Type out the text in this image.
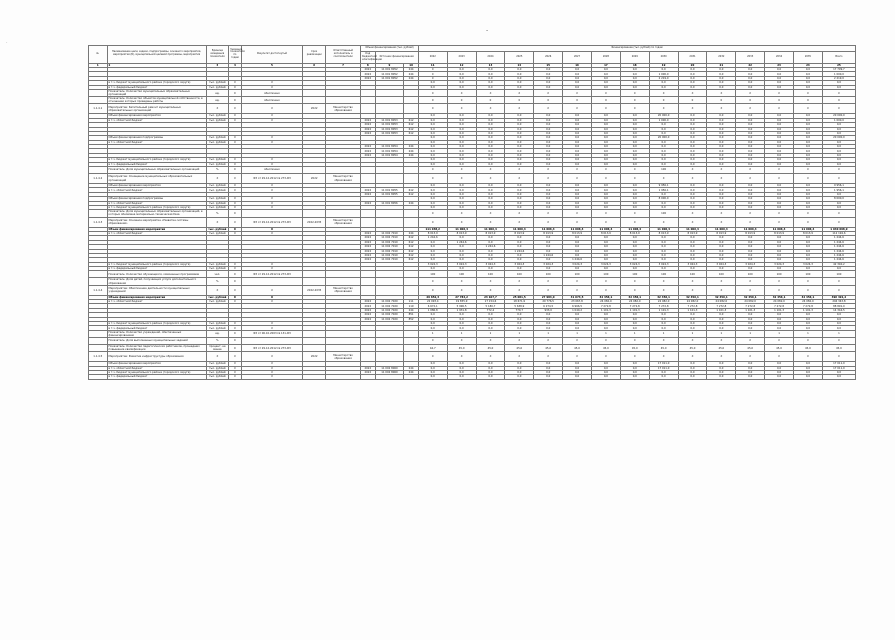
-
·
№	Наименование цели, задачи, подпрограммы, основного мероприятия, мероприятия (Б), муниципальной целевой программы, мероприятия	Единица измерения показателя	Значение показателя по годам	Результат достигнутый	Срок реализации	Ответственный исполнитель и соисполнители	Объем финансирования (тыс. рублей)			Финансирование (тыс. рублей) по годам														
							Код бюджетной классификации	Источник финансирования		2022	2023	2024	2025	2026	2027	2028	2029	2030	2031	2032	2033	2034	2035	Всего
1	2	3	4	5	6	7	8	9	10	11	12	13	14	15	16	17	18	19	20	21	22	23	24	25
							2022	11 001 8052	244	Х	0,0	0,0	0,0	0,0	0,0	0,0	0,0	0,0	0,0	0,0	0,0	0,0	0,0	17 799,7
							2022	11 001 8052	244	Х	0,0	0,0	0,0	0,0	0,0	0,0	0,0	1 000,0	0,0	0,0	0,0	0,0	0,0	1 000,0
							2022	11 001 8052	244	Х	0,0	0,0	0,0	0,0	0,0	0,0	0,0	2 219,0	0,0	0,0	0,0	0,0	0,0	2 219,0
	в т.ч. бюджет муниципального района (городского округа)	тыс. рублей	Х	Х						0,0	0,0	0,0	0,0	0,0	0,0	0,0	0,0	0,0	0,0	0,0	0,0	0,0	0,0	0,0
	в т.ч. федеральный бюджет	тыс. рублей	Х	Х						0,0	0,0	0,0	0,0	0,0	0,0	0,0	0,0	0,0	0,0	0,0	0,0	0,0	0,0	0,0
	Показатель: Количество муниципальных образовательных организаций	ед.	0	обеспечено						Х	Х	Х	Х	Х	Х	Х	Х	Х	Х	Х	Х	Х	Х	Х
	Показатель: Количество объектов муниципальной собственности, в отношении которых проведены работы	ед.	0	обеспечено						0	0	0	0	0	0	0	0	0	0	0	0	0	0	0
1.1.4.1	Мероприятие: Капитальный ремонт муниципальных образовательных организаций	Х	Х	Х	2022	Министерство образования				Х	Х	Х	Х	Х	Х	Х	Х	Х	Х	Х	Х	Х	Х	Х
	Объем финансирования мероприятия	тыс. рублей	Х	Х						0,0	0,0	0,0	0,0	0,0	0,0	0,0	0,0	20 000,0	0,0	0,0	0,0	0,0	0,0	20 000,0
	в т.ч. областной бюджет	тыс. рублей	Х	Х			2022	11 001 8053	612	0,0	0,0	0,0	0,0	0,0	0,0	0,0	0,0	1 000,0	0,0	0,0	0,0	0,0	0,0	1 000,0
							2022	11 001 8053	612	0,0	0,0	0,0	0,0	0,0	0,0	0,0	0,0	0,0	0,0	0,0	0,0	0,0	0,0	0,0
							2022	11 001 8053	612	0,0	0,0	0,0	0,0	0,0	0,0	0,0	0,0	0,0	0,0	0,0	0,0	0,0	0,0	0,0
							2022	11 001 8053	612	0,0	0,0	0,0	0,0	0,0	0,0	0,0	0,0	0,0	0,0	0,0	0,0	0,0	0,0	0,0
	Объем финансирования подпрограммы	тыс. рублей	Х	Х						0,0	0,0	0,0	0,0	0,0	0,0	0,0	0,0	20 000,0	0,0	0,0	0,0	0,0	0,0	20 000,0
	в т.ч. областной бюджет	тыс. рублей	Х	Х						0,0	0,0	0,0	0,0	0,0	0,0	0,0	0,0	0,0	0,0	0,0	0,0	0,0	0,0	0,0
							2022	11 001 8054	244	0,0	0,0	0,0	0,0	0,0	0,0	0,0	0,0	0,0	0,0	0,0	0,0	0,0	0,0	0,0
							2022	11 001 8054	244	0,0	0,0	0,0	0,0	0,0	0,0	0,0	0,0	0,0	0,0	0,0	0,0	0,0	0,0	0,0
							2022	11 001 8054	244	0,0	0,0	0,0	0,0	0,0	0,0	0,0	0,0	0,0	0,0	0,0	0,0	0,0	0,0	0,0
	в т.ч. бюджет муниципального района (городского округа)	тыс. рублей	Х	Х						0,0	0,0	0,0	0,0	0,0	0,0	0,0	0,0	0,0	0,0	0,0	0,0	0,0	0,0	0,0
	в т.ч. федеральный бюджет	тыс. рублей	Х	Х						0,0	0,0	0,0	0,0	0,0	0,0	0,0	0,0	0,0	0,0	0,0	0,0	0,0	0,0	0,0
	Показатель: Доля муниципальных образовательных организаций	%	0	обеспечено						Х	Х	Х	Х	Х	Х	Х	Х	100	Х	Х	Х	Х	Х	Х
1.1.4.2	Мероприятие: Оснащение муниципальных образовательных организаций	Х	Х	ФЗ от 29.12.2012 № 273-ФЗ	2022	Министерство образования				Х	Х	Х	Х	Х	Х	Х	Х	Х	Х	Х	Х	Х	Х	Х
	Объем финансирования мероприятия	тыс. рублей	Х	Х						0,0	0,0	0,0	0,0	0,0	0,0	0,0	0,0	9 956,1	0,0	0,0	0,0	0,0	0,0	9 956,1
	в т.ч. областной бюджет	тыс. рублей	Х	Х			2022	11 001 8055	612	0,0	0,0	0,0	0,0	0,0	0,0	0,0	0,0	1 956,1	0,0	0,0	0,0	0,0	0,0	1 956,1
							2022	11 001 8055	612	0,0	0,0	0,0	0,0	0,0	0,0	0,0	0,0	0,0	0,0	0,0	0,0	0,0	0,0	0,0
	Объем финансирования подпрограммы	тыс. рублей	Х	Х						0,0	0,0	0,0	0,0	0,0	0,0	0,0	0,0	8 000,0	0,0	0,0	0,0	0,0	0,0	8 000,0
	в т.ч. областной бюджет	тыс. рублей	Х	Х			2022	11 001 8056	244	0,0	0,0	0,0	0,0	0,0	0,0	0,0	0,0	0,0	0,0	0,0	0,0	0,0	0,0	0,0
	в т.ч. бюджет муниципального района (городского округа)	тыс. рублей	Х	Х						0,0	0,0	0,0	0,0	0,0	0,0	0,0	0,0	0,0	0,0	0,0	0,0	0,0	0,0	0,0
	Показатель: Доля муниципальных образовательных организаций, в которых обновлена материально-техническая база	%	0							Х	Х	Х	Х	Х	Х	Х	Х	100	Х	Х	Х	Х	Х	Х
1.1.4.3	Мероприятие: Основное мероприятие «Развитие системы образования»	Х	Х	ФЗ от 29.12.2012 № 273-ФЗ	2022-2035	Министерство образования				Х	Х	Х	Х	Х	Х	Х	Х	Х	Х	Х	Х	Х	Х	Х
	Объем финансирования мероприятия	тыс. рублей	Х	Х						111 038,2	11 006,4	11 006,4	11 006,4	11 006,4	11 006,4	11 006,4	11 006,4	11 006,4	11 006,4	11 006,4	11 006,4	11 006,4	11 006,4	1 040 098,9
	в т.ч. областной бюджет	тыс. рублей	Х	Х			2022	11 002 7010	244	8 013,9	8 013,9	8 013,9	8 013,9	8 013,9	8 013,9	8 013,9	8 013,9	8 013,9	8 013,9	8 013,9	8 013,9	8 013,9	8 013,9	112 194,6
							2022	11 002 7010	612	1 244,6	0,0	0,0	0,0	0,0	0,0	0,0	0,0	0,0	0,0	0,0	0,0	0,0	0,0	1 244,6
							2022	11 002 7010	612	0,0	1 244,6	0,0	0,0	0,0	0,0	0,0	0,0	0,0	0,0	0,0	0,0	0,0	0,0	1 244,6
							2022	11 002 7010	612	0,0	0,0	1 244,6	0,0	0,0	0,0	0,0	0,0	0,0	0,0	0,0	0,0	0,0	0,0	1 244,6
							2022	11 002 7010	612	0,0	0,0	0,0	1 244,6	0,0	0,0	0,0	0,0	0,0	0,0	0,0	0,0	0,0	0,0	1 244,6
							2022	11 002 7010	612	0,0	0,0	0,0	0,0	1 244,6	0,0	0,0	0,0	0,0	0,0	0,0	0,0	0,0	0,0	1 244,6
							2022	11 002 7010	612	0,0	0,0	0,0	0,0	0,0	1 244,6	0,0	0,0	0,0	0,0	0,0	0,0	0,0	0,0	1 244,6
	в т.ч. бюджет муниципального района (городского округа)	тыс. рублей	Х	Х						3 024,3	3 024,3	3 024,3	3 024,3	3 024,3	3 024,3	3 024,3	3 024,3	3 024,3	3 024,3	3 024,3	3 024,3	3 024,3	3 024,3	42 340,2
	в т.ч. федеральный бюджет	тыс. рублей	Х	Х						0,0	0,0	0,0	0,0	0,0	0,0	0,0	0,0	0,0	0,0	0,0	0,0	0,0	0,0	0,0
	Показатель: Количество обучающихся, охваченных программами	чел.	0	ФЗ от 29.12.2012 № 273-ФЗ						100	100	100	100	100	100	100	100	100	100	100	100	100	100	100
	Показатель: Доля детей, получающих услуги дополнительного образования	%	0							Х	Х	Х	Х	Х	Х	Х	Х	Х	Х	Х	Х	Х	Х	Х
1.1.4.4	Мероприятие: Обеспечение деятельности муниципальных учреждений	Х	Х	Х	2022-2035	Министерство образования				Х	Х	Х	Х	Х	Х	Х	Х	Х	Х	Х	Х	Х	Х	Х
	Объем финансирования мероприятия	тыс. рублей	Х	Х						29 852,3	27 784,2	23 107,7	25 081,5	27 984,0	31 074,5	32 456,1	32 456,1	32 456,1	32 456,1	32 456,1	32 456,1	32 456,1	32 456,1	396 491,2
	в т.ч. областной бюджет	тыс. рублей	Х	Х			2022	11 002 7020	111	22 093,4	19 855,9	17 154,6	18 671,9	20 776,5	23 067,8	24 082,0	24 082,0	24 082,0	24 082,0	24 082,0	24 082,0	24 082,0	24 082,0	294 343,8
							2022	11 002 7020	119	6 672,1	5 996,5	5 180,7	5 638,9	6 274,5	6 966,5	7 272,8	7 272,8	7 272,8	7 272,8	7 272,8	7 272,8	7 272,8	7 272,8	88 891,0
							2022	11 002 7020	244	1 086,8	1 931,8	772,4	770,7	933,0	1 040,2	1 101,3	1 101,3	1 101,3	1 101,3	1 101,3	1 101,3	1 101,3	1 101,3	14 344,5
							2022	11 002 7020	851	0,0	0,0	0,0	0,0	0,0	0,0	0,0	0,0	0,0	0,0	0,0	0,0	0,0	0,0	0,0
							2022	11 002 7020	852	0,0	0,0	0,0	0,0	0,0	0,0	0,0	0,0	0,0	0,0	0,0	0,0	0,0	0,0	0,0
	в т.ч. бюджет муниципального района (городского округа)	тыс. рублей	Х	Х						0,0	0,0	0,0	0,0	0,0	0,0	0,0	0,0	0,0	0,0	0,0	0,0	0,0	0,0	0,0
	в т.ч. федеральный бюджет	тыс. рублей	Х	Х						0,0	0,0	0,0	0,0	0,0	0,0	0,0	0,0	0,0	0,0	0,0	0,0	0,0	0,0	0,0
	Показатель: Количество учреждений, обеспеченных финансированием	ед.	0	ФЗ от 06.10.2003 № 131-ФЗ						1	1	1	1	1	1	1	1	1	1	1	1	1	1	1
	Показатель: Доля выполненных муниципальных заданий	%	0							Х	Х	Х	Х	Х	Х	Х	Х	Х	Х	Х	Х	Х	Х	Х
	Показатель: Количество педагогических работников, прошедших повышение квалификации	процент, не менее	0	ФЗ от 29.12.2012 № 273-ФЗ						44,7	45,0	45,0	45,0	45,0	45,0	45,0	45,0	45,0	45,0	45,0	45,0	45,0	45,0	45,0
1.1.4.5	Мероприятие: Развитие инфраструктуры образования	Х	Х	Х	2022	Министерство образования				Х	Х	Х	Х	Х	Х	Х	Х	Х	Х	Х	Х	Х	Х	Х
	Объем финансирования мероприятия	тыс. рублей	Х	Х						0,0	0,0	0,0	0,0	0,0	0,0	0,0	0,0	17 011,0	0,0	0,0	0,0	0,0	0,0	17 011,0
	в т.ч. областной бюджет	тыс. рублей	Х	Х			2022	11 002 8060	244	0,0	0,0	0,0	0,0	0,0	0,0	0,0	0,0	17 011,0	0,0	0,0	0,0	0,0	0,0	17 011,0
	в т.ч. бюджет муниципального района (городского округа)	тыс. рублей	Х	Х			2022	11 002 8060	244	0,0	0,0	0,0	0,0	0,0	0,0	0,0	0,0	0,0	0,0	0,0	0,0	0,0	0,0	0,0
	в т.ч. федеральный бюджет	тыс. рублей	Х	Х						0,0	0,0	0,0	0,0	0,0	0,0	0,0	0,0	0,0	0,0	0,0	0,0	0,0	0,0	0,0
